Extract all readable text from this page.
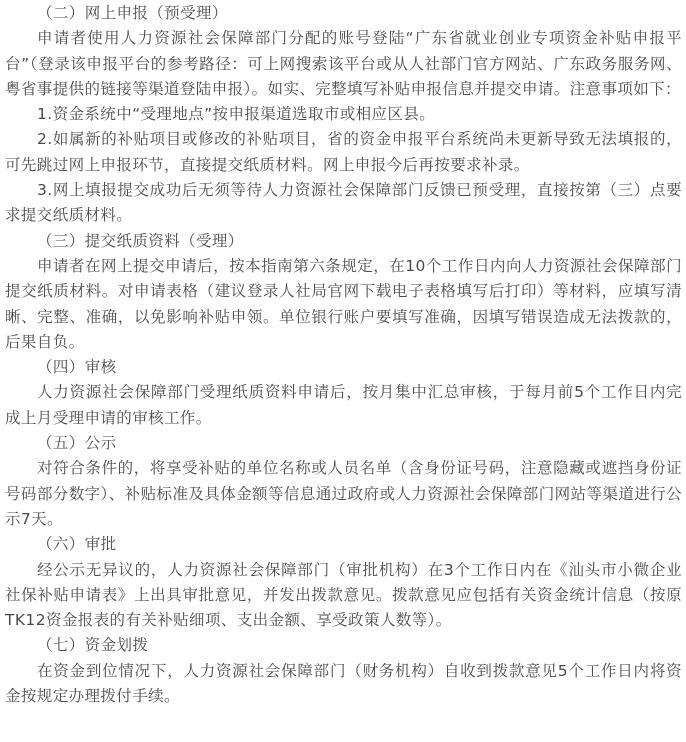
（二）网上申报（预受理）

申请者使用人力资源社会保障部门分配的账号登陆“广东省就业创业专项资金补贴申报平台”（登录该申报平台的参考路径：可上网搜索该平台或从人社部门官方网站、广东政务服务网、粤省事提供的链接等渠道登陆申报）。如实、完整填写补贴申报信息并提交申请。注意事项如下：

1.资金系统中“受理地点”按申报渠道选取市或相应区县。

2.如属新的补贴项目或修改的补贴项目，省的资金申报平台系统尚未更新导致无法填报的，可先跳过网上申报环节，直接提交纸质材料。网上申报今后再按要求补录。

3.网上填报提交成功后无须等待人力资源社会保障部门反馈已预受理，直接按第（三）点要求提交纸质材料。

（三）提交纸质资料（受理）

申请者在网上提交申请后，按本指南第六条规定，在10个工作日内向人力资源社会保障部门提交纸质材料。对申请表格（建议登录人社局官网下载电子表格填写后打印）等材料，应填写清晰、完整、准确，以免影响补贴申领。单位银行账户要填写准确，因填写错误造成无法拨款的，后果自负。

（四）审核

人力资源社会保障部门受理纸质资料申请后，按月集中汇总审核，于每月前5个工作日内完成上月受理申请的审核工作。

（五）公示

对符合条件的，将享受补贴的单位名称或人员名单（含身份证号码，注意隐藏或遮挡身份证号码部分数字）、补贴标准及具体金额等信息通过政府或人力资源社会保障部门网站等渠道进行公示7天。

（六）审批

经公示无异议的，人力资源社会保障部门（审批机构）在3个工作日内在《汕头市小微企业社保补贴申请表》上出具审批意见，并发出拨款意见。拨款意见应包括有关资金统计信息（按原TK12资金报表的有关补贴细项、支出金额、享受政策人数等）。

（七）资金划拨

在资金到位情况下，人力资源社会保障部门（财务机构）自收到拨款意见5个工作日内将资金按规定办理拨付手续。
